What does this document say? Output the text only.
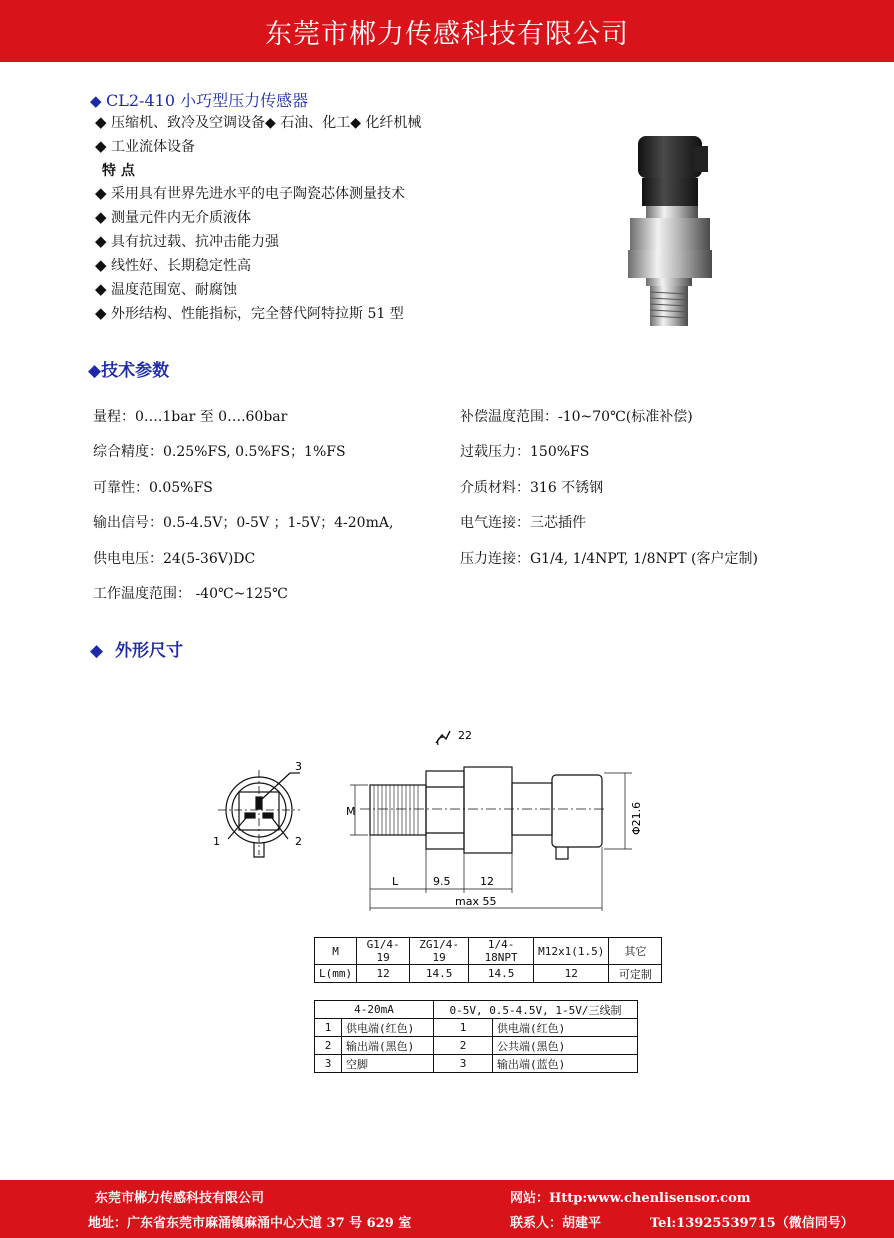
东莞市郴力传感科技有限公司
◆ CL2-410 小巧型压力传感器
◆ 压缩机、致冷及空调设备◆ 石油、化工◆ 化纤机械
◆ 工业流体设备
特 点
◆ 采用具有世界先进水平的电子陶瓷芯体测量技术
◆ 测量元件内无介质液体
◆ 具有抗过载、抗冲击能力强
◆ 线性好、长期稳定性高
◆ 温度范围宽、耐腐蚀
◆ 外形结构、性能指标，完全替代阿特拉斯 51 型
◆技术参数
量程：0….1bar 至 0….60bar
综合精度：0.25%FS, 0.5%FS；1%FS
可靠性：0.05%FS
输出信号：0.5-4.5V；0-5V ；1-5V；4-20mA,
供电电压：24(5-36V)DC
工作温度范围： -40℃~125℃
补偿温度范围：-10~70℃(标准补偿)
过载压力：150%FS
介质材料：316 不锈钢
电气连接：三芯插件
压力连接：G1/4, 1/4NPT, 1/8NPT (客户定制)
◆ 外形尺寸
3
1	2
22
M
L	9.5	12
max 55
Φ21.6
M	G1/4-19	ZG1/4-19	1/4-18NPT	M12x1(1.5)	其它
L(mm)	12	14.5	14.5	12	可定制
4-20mA		0-5V, 0.5-4.5V, 1-5V/三线制	
1	供电端(红色)	1	供电端(红色)
2	输出端(黑色)	2	公共端(黑色)
3	空脚	3	输出端(蓝色)
东莞市郴力传感科技有限公司	网站：Http:www.chenlisensor.com
地址：广东省东莞市麻涌镇麻涌中心大道 37 号 629 室	联系人：胡建平	Tel:13925539715（微信同号）
